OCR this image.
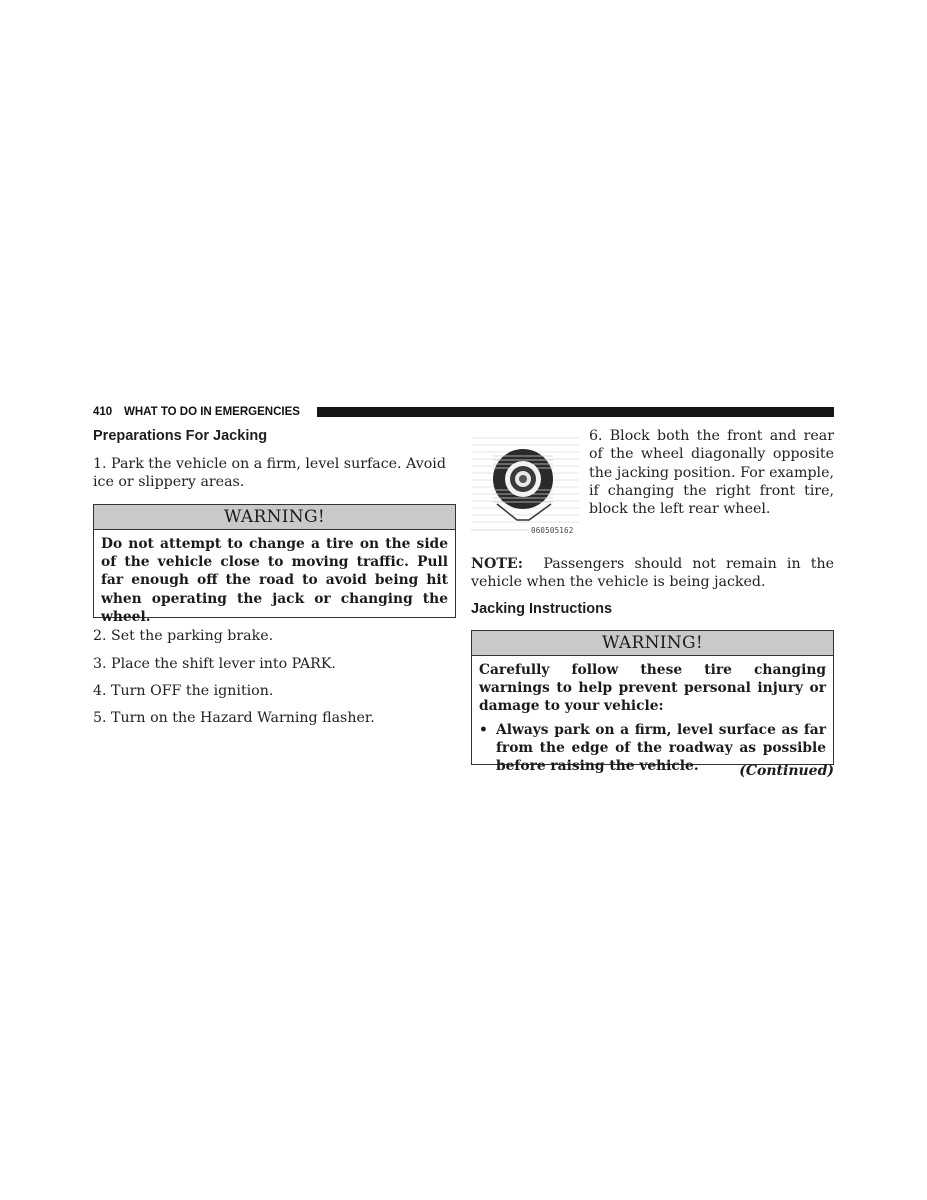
410 WHAT TO DO IN EMERGENCIES
Preparations For Jacking

1. Park the vehicle on a firm, level surface. Avoid ice or slippery areas.

WARNING!
Do not attempt to change a tire on the side of the vehicle close to moving traffic. Pull far enough off the road to avoid being hit when operating the jack or changing the wheel.

2. Set the parking brake.

3. Place the shift lever into PARK.

4. Turn OFF the ignition.

5. Turn on the Hazard Warning flasher.

060505162

6. Block both the front and rear of the wheel diagonally opposite the jacking position. For example, if changing the right front tire, block the left rear wheel.

NOTE: Passengers should not remain in the vehicle when the vehicle is being jacked.

Jacking Instructions
WARNING!
Carefully follow these tire changing warnings to help prevent personal injury or damage to your vehicle:
• Always park on a firm, level surface as far from the edge of the roadway as possible before raising the vehicle.	(Continued)
